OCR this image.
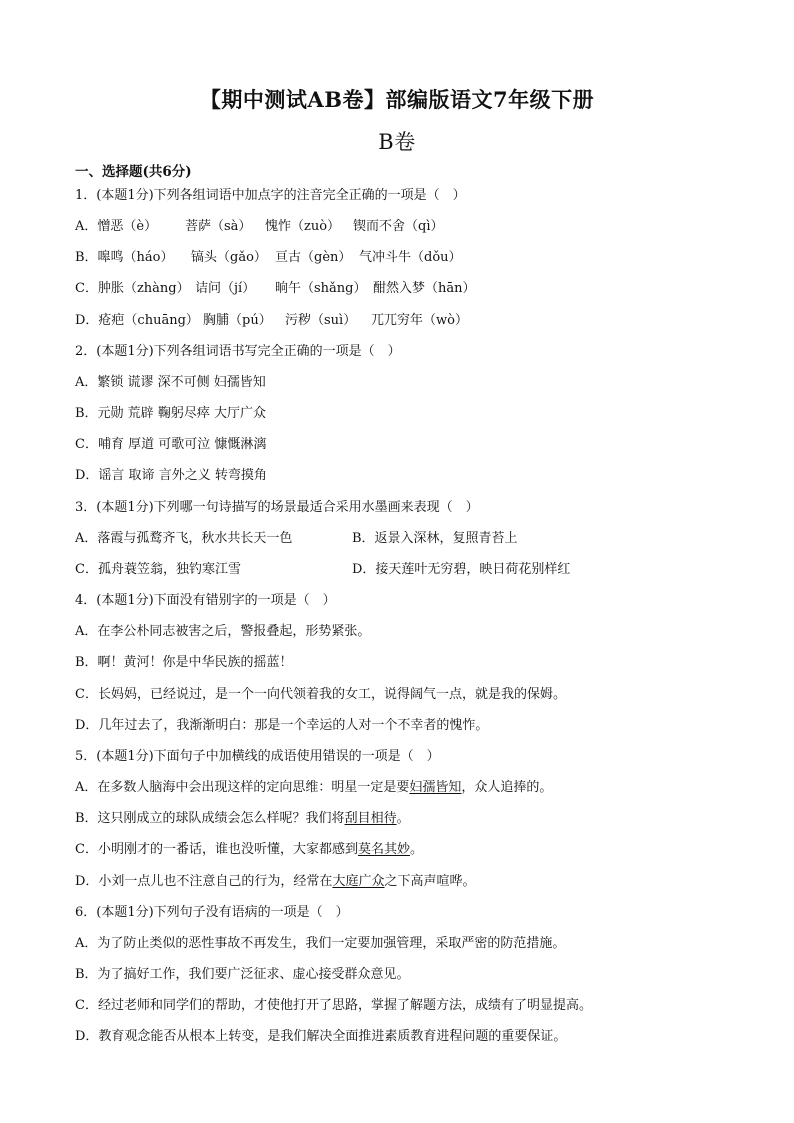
【期中测试AB卷】部编版语文7年级下册
B卷
一、选择题(共6分)
1．(本题1分)下列各组词语中加点字的注音完全正确的一项是（　）
A．憎恶（è） 菩萨（sà） 愧怍（zuò） 锲而不舍（qì）
B．嗥鸣（háo） 镐头（gǎo） 亘古（gèn） 气冲斗牛（dǒu）
C．肿胀（zhàng） 诘问（jí） 晌午（shǎng） 酣然入梦（hān）
D．疮疤（chuāng） 胸脯（pú） 污秽（suì） 兀兀穷年（wò）
2．(本题1分)下列各组词语书写完全正确的一项是（　）
A．繁锁 谎谬 深不可侧 妇孺皆知
B．元勋 荒辟 鞠躬尽瘁 大厅广众
C．哺育 厚道 可歌可泣 慷慨淋漓
D．谣言 取谛 言外之义 转弯摸角
3．(本题1分)下列哪一句诗描写的场景最适合采用水墨画来表现（　）
A．落霞与孤鹜齐飞，秋水共长天一色	B．返景入深林，复照青苔上
C．孤舟蓑笠翁，独钓寒江雪	D．接天莲叶无穷碧，映日荷花别样红
4．(本题1分)下面没有错别字的一项是（　）
A．在李公朴同志被害之后，警报叠起，形势紧张。
B．啊！黄河！你是中华民族的摇蓝！
C．长妈妈，已经说过，是一个一向代领着我的女工，说得阔气一点，就是我的保姆。
D．几年过去了，我渐渐明白：那是一个幸运的人对一个不幸者的愧怍。
5．(本题1分)下面句子中加横线的成语使用错误的一项是（　）
A．在多数人脑海中会出现这样的定向思维：明星一定是要妇孺皆知，众人追捧的。
B．这只刚成立的球队成绩会怎么样呢？我们将刮目相待。
C．小明刚才的一番话，谁也没听懂，大家都感到莫名其妙。
D．小刘一点儿也不注意自己的行为，经常在大庭广众之下高声喧哗。
6．(本题1分)下列句子没有语病的一项是（　）
A．为了防止类似的恶性事故不再发生，我们一定要加强管理，采取严密的防范措施。
B．为了搞好工作，我们要广泛征求、虚心接受群众意见。
C．经过老师和同学们的帮助，才使他打开了思路，掌握了解题方法，成绩有了明显提高。
D．教育观念能否从根本上转变，是我们解决全面推进素质教育进程问题的重要保证。
